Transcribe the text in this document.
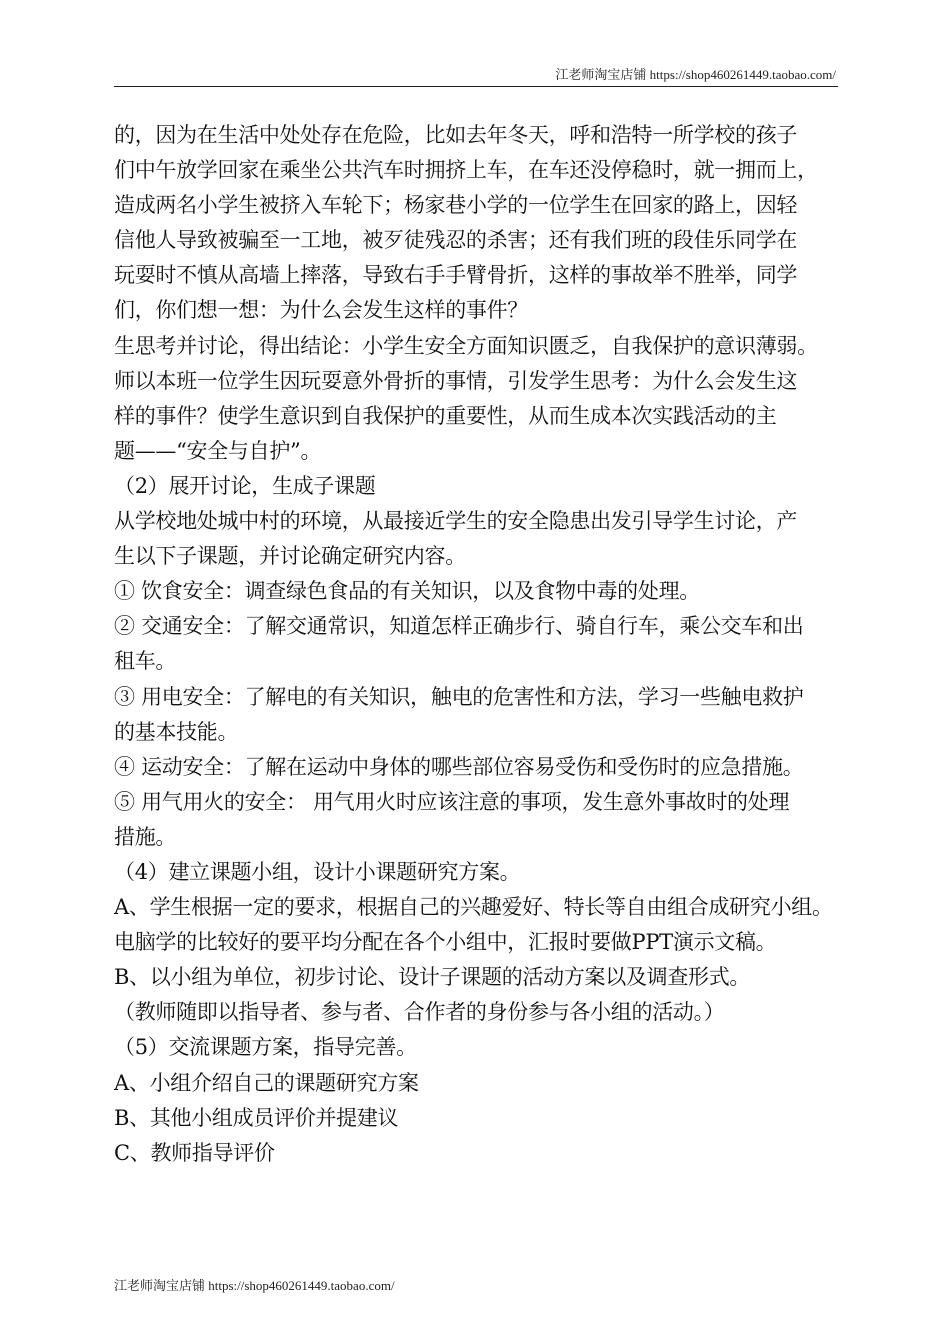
江老师淘宝店铺 https://shop460261449.taobao.com/
的，因为在生活中处处存在危险，比如去年冬天，呼和浩特一所学校的孩子
们中午放学回家在乘坐公共汽车时拥挤上车，在车还没停稳时，就一拥而上，
造成两名小学生被挤入车轮下；杨家巷小学的一位学生在回家的路上，因轻
信他人导致被骗至一工地，被歹徒残忍的杀害；还有我们班的段佳乐同学在
玩耍时不慎从高墙上摔落，导致右手手臂骨折，这样的事故举不胜举，同学
们，你们想一想：为什么会发生这样的事件？
生思考并讨论，得出结论：小学生安全方面知识匮乏，自我保护的意识薄弱。
师以本班一位学生因玩耍意外骨折的事情，引发学生思考：为什么会发生这
样的事件？使学生意识到自我保护的重要性，从而生成本次实践活动的主
题——“安全与自护”。
（2）展开讨论，生成子课题
从学校地处城中村的环境，从最接近学生的安全隐患出发引导学生讨论，产
生以下子课题，并讨论确定研究内容。
① 饮食安全：调查绿色食品的有关知识，以及食物中毒的处理。
② 交通安全：了解交通常识，知道怎样正确步行、骑自行车，乘公交车和出
租车。
③ 用电安全：了解电的有关知识，触电的危害性和方法，学习一些触电救护
的基本技能。
④ 运动安全：了解在运动中身体的哪些部位容易受伤和受伤时的应急措施。
⑤ 用气用火的安全： 用气用火时应该注意的事项，发生意外事故时的处理
措施。
（4）建立课题小组，设计小课题研究方案。
A、学生根据一定的要求，根据自己的兴趣爱好、特长等自由组合成研究小组。
电脑学的比较好的要平均分配在各个小组中，汇报时要做PPT演示文稿。
B、以小组为单位，初步讨论、设计子课题的活动方案以及调查形式。
（教师随即以指导者、参与者、合作者的身份参与各小组的活动。）
（5）交流课题方案，指导完善。
A、小组介绍自己的课题研究方案
B、其他小组成员评价并提建议
C、教师指导评价
江老师淘宝店铺 https://shop460261449.taobao.com/
